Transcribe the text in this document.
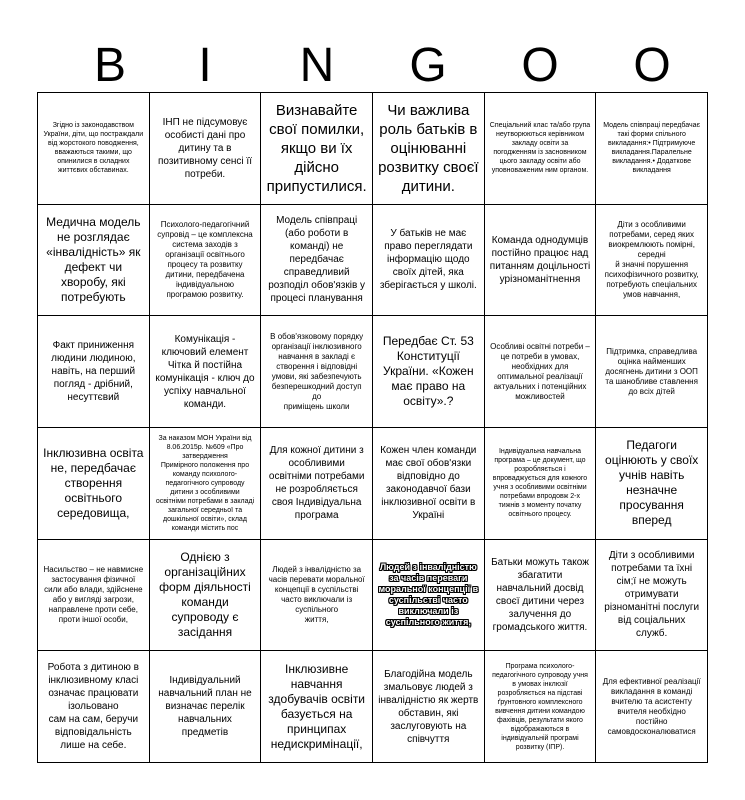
B	I	N	G	O	O
Згідно із законодавством України, діти, що постраждали від жорстокого поводження, вважаються такими, що опинилися в складних життєвих обставинах.
ІНП не підсумовує особисті дані про дитину та в позитивному сенсі її потреби.
Визнавайте свої помилки, якщо ви їх дійсно припустилися.
Чи важлива роль батьків в оцінюванні розвитку своєї дитини.
Спеціальний клас та/або група неутворюються керівником закладу освіти за
погодженням із засновником цього закладу освіти або уповноваженим ним органом.
Модель співпраці передбачає такі форми спільного
викладання:• Підтримуюче викладання.Паралельне викладання.• Додаткове викладання
Медична модель не розглядає «інвалідність» як дефект чи хворобу, які потребують
Психолого-педагогічний супровід – це комплексна система заходів з організації освітнього процесу та розвитку дитини, передбачена індивідуальною програмою розвитку.
Модель співпраці (або роботи в команді) не передбачає справедливий розподіл обов'язків у процесі планування
У батьків не має право переглядати інформацію щодо своїх дітей, яка зберігається у школі.
Команда однодумців постійно працює над питанням доцільності урізноманітнення
Діти з особливими потребами, серед яких виокремлюють помірні, середні
й значні порушення психофізичного розвитку, потребують спеціальних умов навчання,
Факт приниження людини людиною, навіть, на перший погляд - дрібний, несуттєвий
Комунікація - ключовий елемент Чітка й постійна комунікація - ключ до
успіху навчальної команди.
В обов'язковому порядку організації інклюзивного навчання в закладі є
створення і відповідні умови, які забезпечують безперешкодний доступ до
приміщень школи
Передбає Ст. 53 Конституції України. «Кожен має право на освіту».?
Особливі освітні потреби – це потреби в умовах, необхідних для
оптимальної реалізації актуальних і потенційних можливостей
Підтримка, справедлива оцінка найменших досягнень дитини з ООП та шанобливе ставлення до всіх дітей
Інклюзивна освіта не, передбачає створення освітнього середовища,
За наказом МОН України від 8.06.2015р. №609 «Про затвердження
Примірного положення про команду психолого-педагогічного супроводу дитини з особливими освітніми потребами в закладі загальної середньої та
дошкільної освіти», склад команди містить пос
Для кожної дитини з особливими освітніми потребами не розробляється своя Індивідуальна програма
Кожен член команди має свої обов'язки відповідно до законодавчої бази інклюзивної освіти в Україні
Індивідуальна навчальна програма – це документ, що розробляється і впроваджується для кожного учня з особливими освітніми потребами впродовж 2-х тижнів з моменту початку освітнього процесу.
Педагоги оцінюють у своїх учнів навіть незначне просування вперед
Насильство – не навмисне застосування фізичної сили або влади, здійснене
або у вигляді загрози, направлене проти себе, проти іншої особи,
Однією з організаційних форм діяльності команди супроводу є засідання
Людей з інвалідністю за часів перевати моральної концепції в суспільстві часто виключали із суспільного
життя,
Людей з інвалідністю за часів переваги моральної концепції в суспільстві часто виключали із суспільного життя,
Батьки можуть також збагатити навчальний досвід своєї дитини через залучення до громадського життя.
Діти з особливими потребами та їхні сім;ї не можуть отримувати різноманітні послуги від соціальних служб.
Робота з дитиною в інклюзивному класі означає працювати ізольовано
сам на сам, беручи відповідальність лише на себе.
Індивідуальний навчальний план не визначає перелік навчальних предметів
Інклюзивне навчання здобувачів освіти базується на принципах недискримінації,
Благодійна модель змальовує людей з інвалідністю як жертв обставин, які заслуговують на співчуття
Програма психолого-педагогічного супроводу учня в умовах інклюзії розробляється на підставі ґрунтовного комплексного вивчення дитини командою фахівців, результати якого відображаються в індивідуальній програмі розвитку (ІПР).
Для ефективної реалізації викладання в команді вчителю та асистенту
вчителя необхідно постійно самовдосконалюватися
